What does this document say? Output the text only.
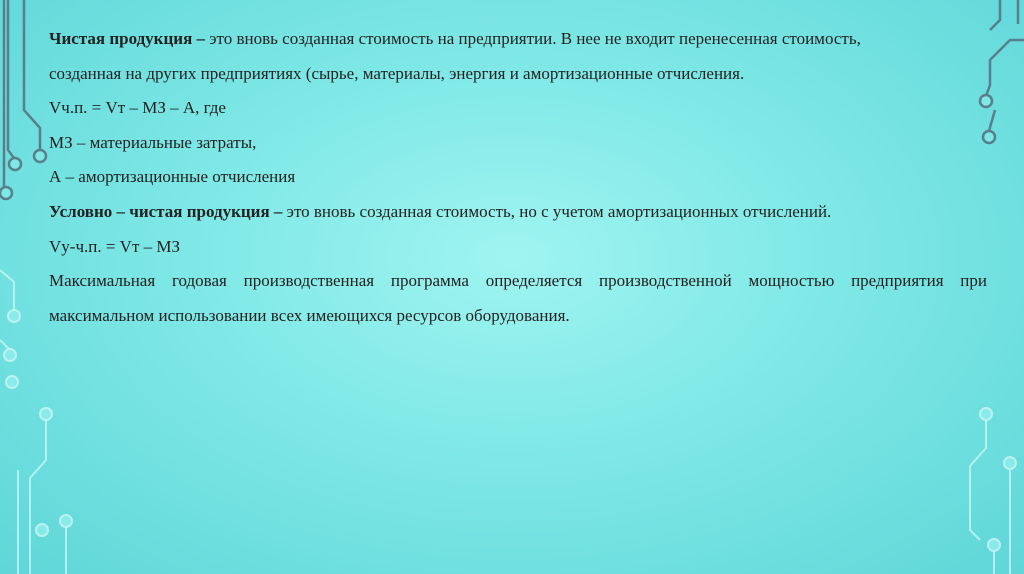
Чистая продукция – это вновь созданная стоимость на предприятии. В нее не входит перенесенная стоимость,

созданная на других предприятиях (сырье, материалы, энергия и амортизационные отчисления.

Vч.п. = Vт – МЗ – А, где

МЗ – материальные затраты,

А – амортизационные отчисления

Условно – чистая продукция – это вновь созданная стоимость, но с учетом амортизационных отчислений.

Vу-ч.п. = Vт – МЗ

Максимальная годовая производственная программа определяется производственной мощностью предприятия при максимальном использовании всех имеющихся ресурсов оборудования.
